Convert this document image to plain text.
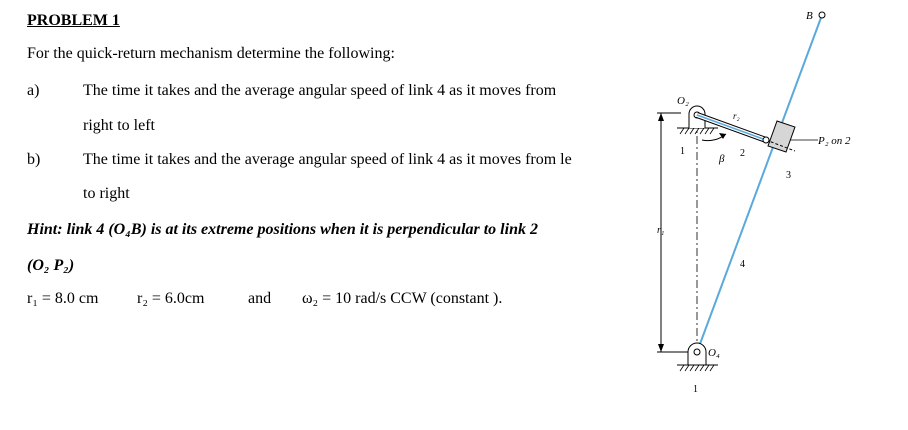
PROBLEM 1
For the quick-return mechanism determine the following:
a)	The time it takes and the average angular speed of link 4 as it moves from
right to left
b)	The time it takes and the average angular speed of link 4 as it moves from le
to right
Hint: link 4 (O₄B) is at its extreme positions when it is perpendicular to link 2
(O₂ P₂)
r₁ = 8.0 cm r₂ = 6.0cm	and ω₂ = 10 rad/s CCW (constant ).
r₁
O₂
1
r₂
2
β
4
3
B
P₂ on 2
O₄
1
